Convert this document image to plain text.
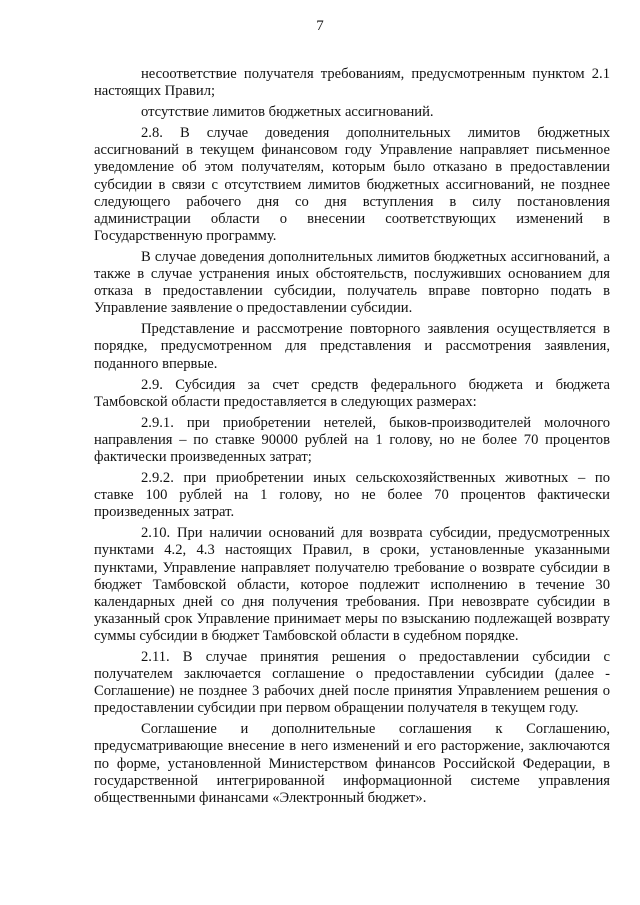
7

несоответствие получателя требованиям, предусмотренным пунктом 2.1 настоящих Правил;

отсутствие лимитов бюджетных ассигнований.

2.8. В случае доведения дополнительных лимитов бюджетных ассигнований в текущем финансовом году Управление направляет письменное уведомление об этом получателям, которым было отказано в предоставлении субсидии в связи с отсутствием лимитов бюджетных ассигнований, не позднее следующего рабочего дня со дня вступления в силу постановления администрации области о внесении соответствующих изменений в Государственную программу.

В случае доведения дополнительных лимитов бюджетных ассигнований, а также в случае устранения иных обстоятельств, послуживших основанием для отказа в предоставлении субсидии, получатель вправе повторно подать в Управление заявление о предоставлении субсидии.

Представление и рассмотрение повторного заявления осуществляется в порядке, предусмотренном для представления и рассмотрения заявления, поданного впервые.

2.9. Субсидия за счет средств федерального бюджета и бюджета Тамбовской области предоставляется в следующих размерах:

2.9.1. при приобретении нетелей, быков-производителей молочного направления – по ставке 90000 рублей на 1 голову, но не более 70 процентов фактически произведенных затрат;

2.9.2. при приобретении иных сельскохозяйственных животных – по ставке 100 рублей на 1 голову, но не более 70 процентов фактически произведенных затрат.

2.10. При наличии оснований для возврата субсидии, предусмотренных пунктами 4.2, 4.3 настоящих Правил, в сроки, установленные указанными пунктами, Управление направляет получателю требование о возврате субсидии в бюджет Тамбовской области, которое подлежит исполнению в течение 30 календарных дней со дня получения требования. При невозврате субсидии в указанный срок Управление принимает меры по взысканию подлежащей возврату суммы субсидии в бюджет Тамбовской области в судебном порядке.

2.11. В случае принятия решения о предоставлении субсидии с получателем заключается соглашение о предоставлении субсидии (далее - Соглашение) не позднее 3 рабочих дней после принятия Управлением решения о предоставлении субсидии при первом обращении получателя в текущем году.

Соглашение и дополнительные соглашения к Соглашению, предусматривающие внесение в него изменений и его расторжение, заключаются по форме, установленной Министерством финансов Российской Федерации, в государственной интегрированной информационной системе управления общественными финансами «Электронный бюджет».
